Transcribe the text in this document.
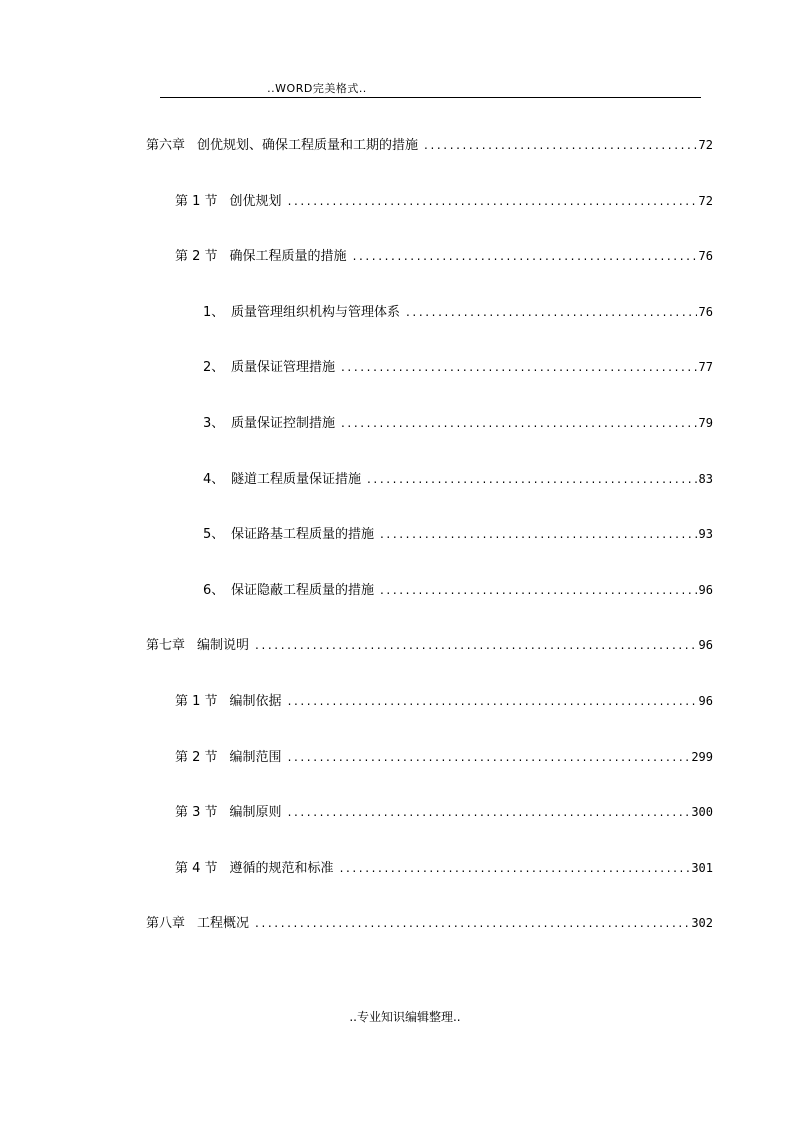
..WORD完美格式..
第六章 创优规划、确保工程质量和工期的措施 .....	72
第 1 节 创优规划 .....	72
第 2 节 确保工程质量的措施 .....	76
1、 质量管理组织机构与管理体系 .....	76
2、 质量保证管理措施 .....	77
3、 质量保证控制措施 .....	79
4、 隧道工程质量保证措施 .....	83
5、 保证路基工程质量的措施 .....	93
6、 保证隐蔽工程质量的措施 .....	96
第七章 编制说明 .....	96
第 1 节 编制依据 .....	96
第 2 节 编制范围 .....	299
第 3 节 编制原则 .....	300
第 4 节 遵循的规范和标准 .....	301
第八章 工程概况 .....	302
..专业知识编辑整理..
